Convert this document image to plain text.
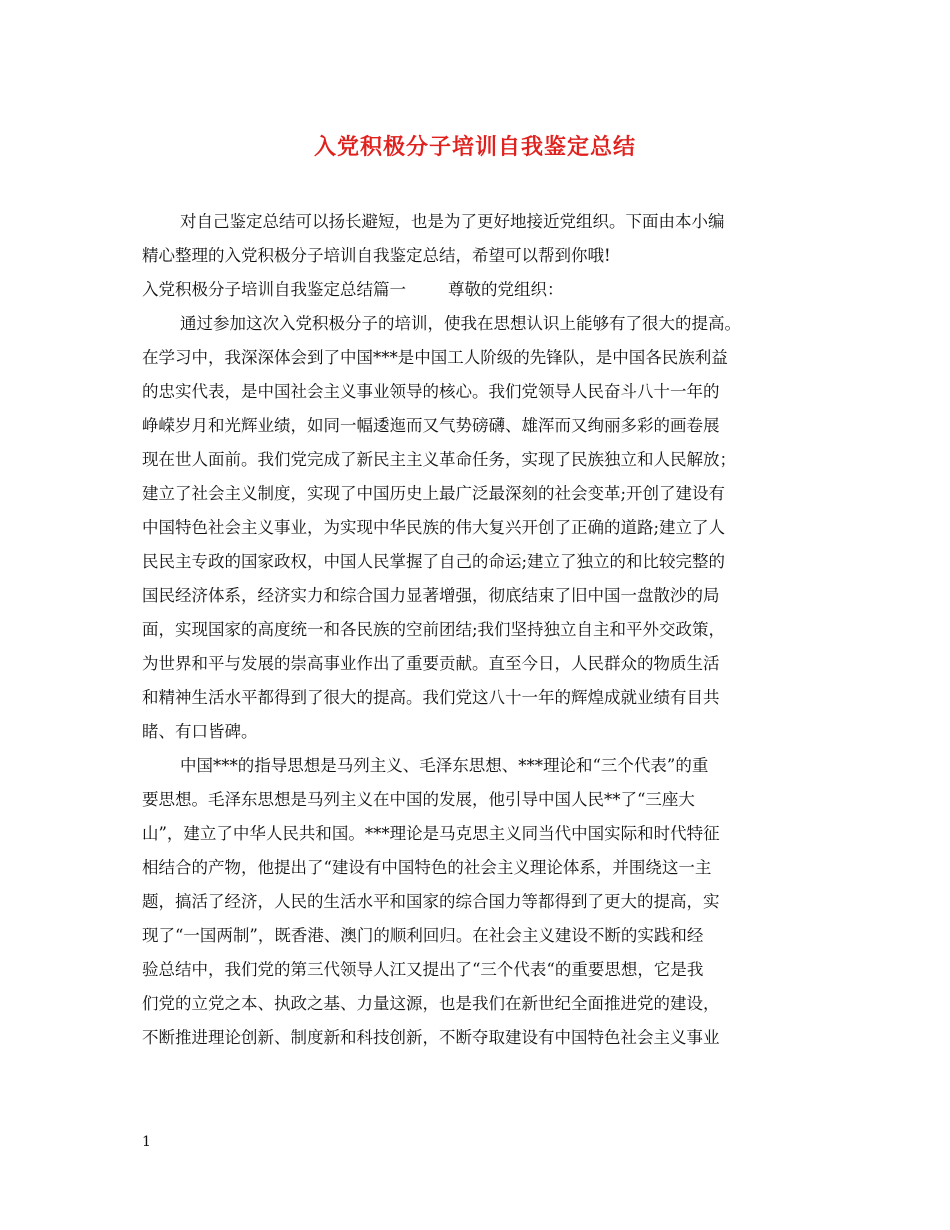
入党积极分子培训自我鉴定总结
对自己鉴定总结可以扬长避短，也是为了更好地接近党组织。下面由本小编
精心整理的入党积极分子培训自我鉴定总结，希望可以帮到你哦!
入党积极分子培训自我鉴定总结篇一	尊敬的党组织：
通过参加这次入党积极分子的培训，使我在思想认识上能够有了很大的提高。
在学习中，我深深体会到了中国***是中国工人阶级的先锋队，是中国各民族利益
的忠实代表，是中国社会主义事业领导的核心。我们党领导人民奋斗八十一年的
峥嵘岁月和光辉业绩，如同一幅逶迤而又气势磅礴、雄浑而又绚丽多彩的画卷展
现在世人面前。我们党完成了新民主主义革命任务，实现了民族独立和人民解放；
建立了社会主义制度，实现了中国历史上最广泛最深刻的社会变革;开创了建设有
中国特色社会主义事业，为实现中华民族的伟大复兴开创了正确的道路;建立了人
民民主专政的国家政权，中国人民掌握了自己的命运;建立了独立的和比较完整的
国民经济体系，经济实力和综合国力显著增强，彻底结束了旧中国一盘散沙的局
面，实现国家的高度统一和各民族的空前团结;我们坚持独立自主和平外交政策，
为世界和平与发展的崇高事业作出了重要贡献。直至今日，人民群众的物质生活
和精神生活水平都得到了很大的提高。我们党这八十一年的辉煌成就业绩有目共
睹、有口皆碑。
中国***的指导思想是马列主义、毛泽东思想、***理论和“三个代表”的重
要思想。毛泽东思想是马列主义在中国的发展，他引导中国人民**了“三座大
山”，建立了中华人民共和国。***理论是马克思主义同当代中国实际和时代特征
相结合的产物，他提出了“建设有中国特色的社会主义理论体系，并围绕这一主
题，搞活了经济，人民的生活水平和国家的综合国力等都得到了更大的提高，实
现了“一国两制”，既香港、澳门的顺利回归。在社会主义建设不断的实践和经
验总结中，我们党的第三代领导人江又提出了“三个代表“的重要思想，它是我
们党的立党之本、执政之基、力量这源，也是我们在新世纪全面推进党的建设，
不断推进理论创新、制度新和科技创新，不断夺取建设有中国特色社会主义事业
1
